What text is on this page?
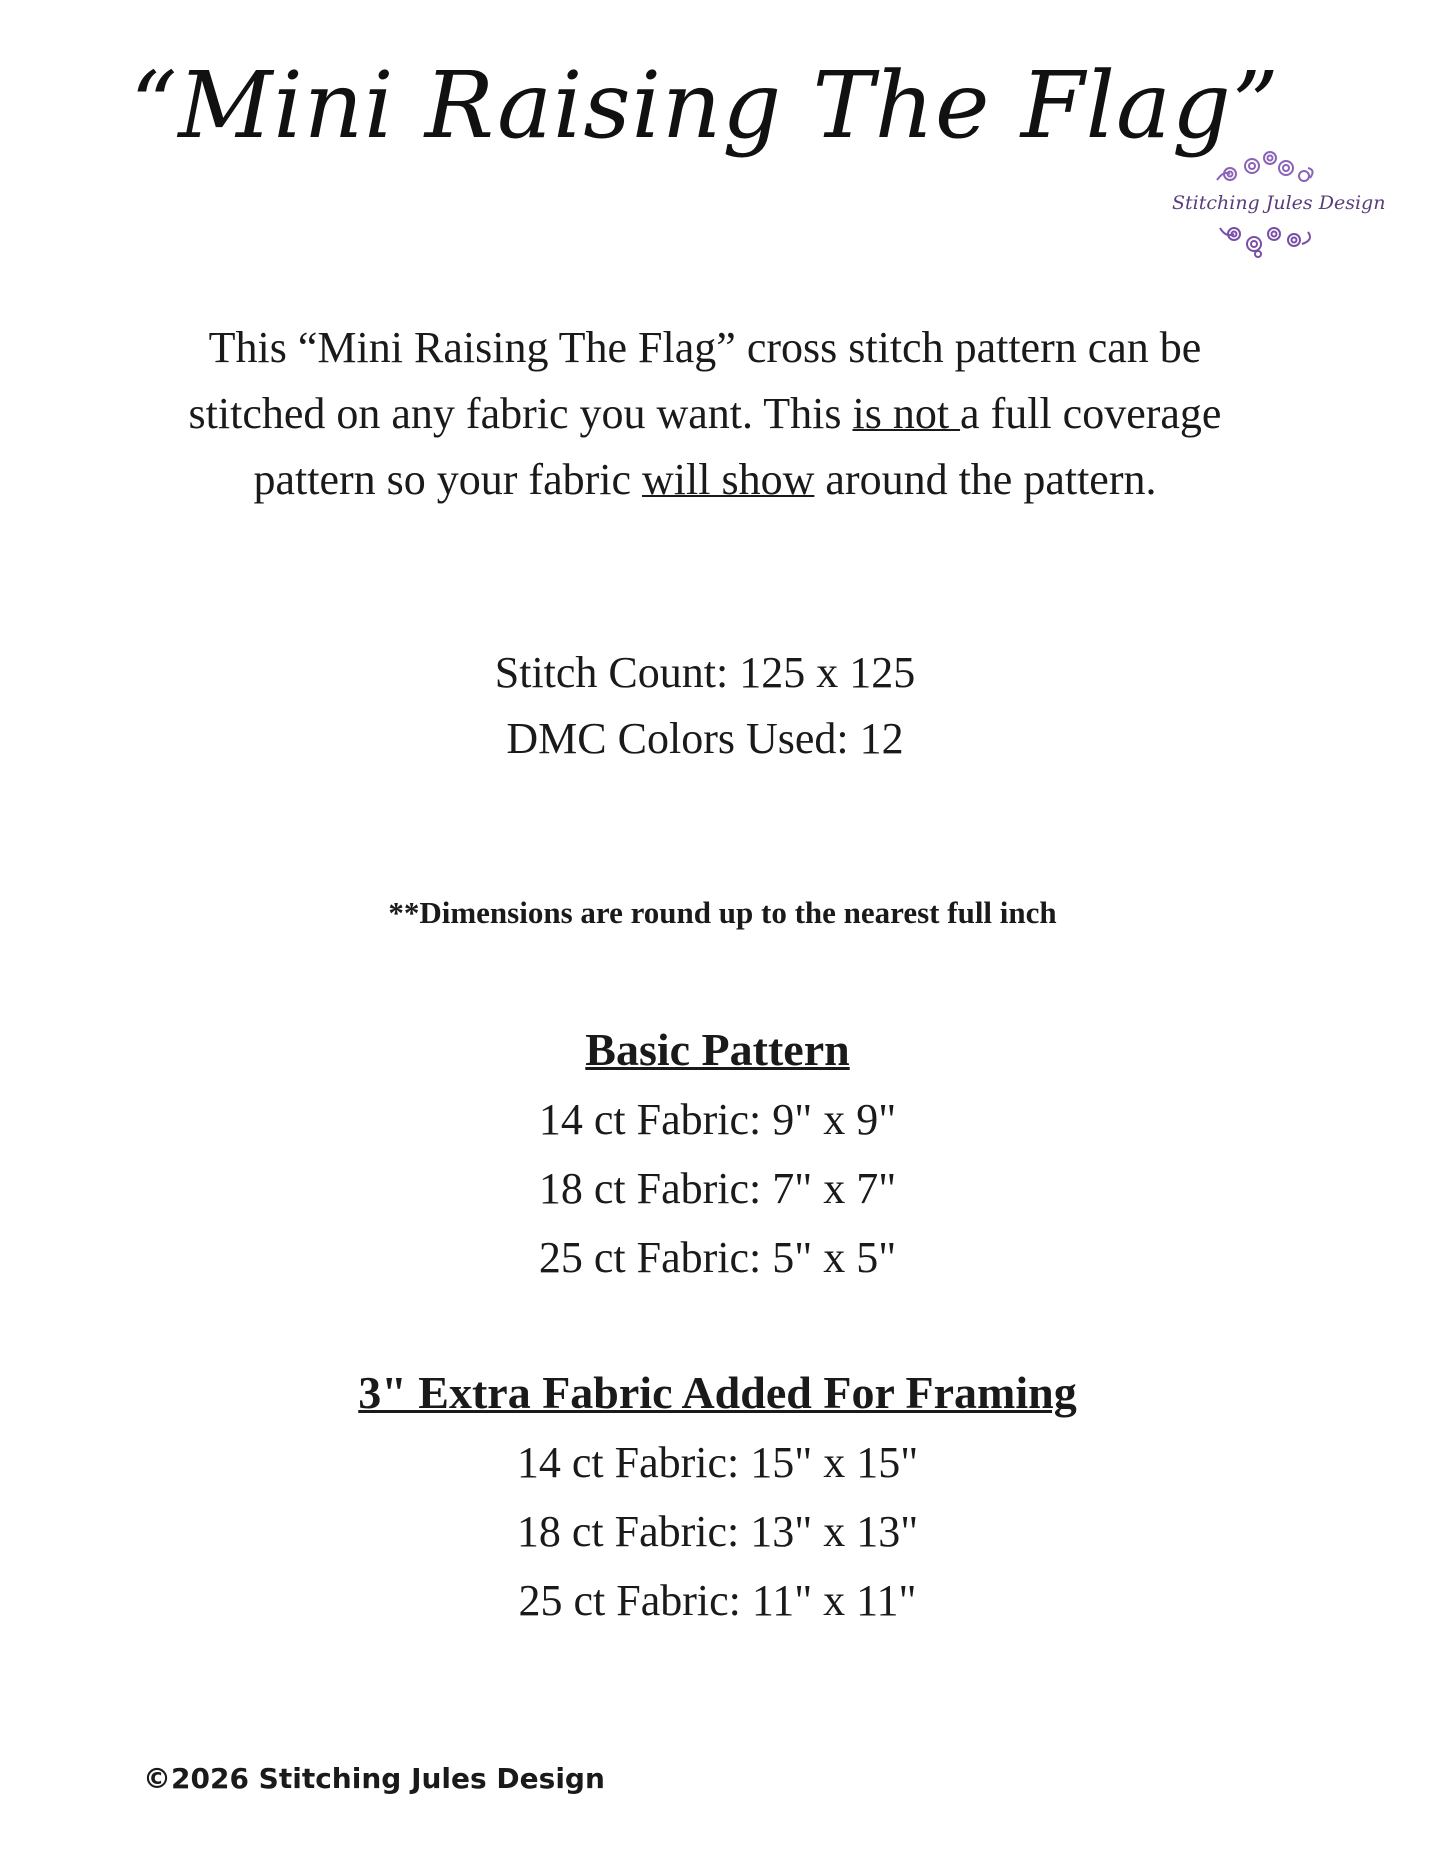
“Mini Raising The Flag”
Stitching Jules Design
This “Mini Raising The Flag” cross stitch pattern can be stitched on any fabric you want. This is not a full coverage pattern so your fabric will show around the pattern.
Stitch Count: 125 x 125
DMC Colors Used: 12
**Dimensions are round up to the nearest full inch
Basic Pattern
14 ct Fabric: 9" x 9"
18 ct Fabric: 7" x 7"
25 ct Fabric: 5" x 5"
3" Extra Fabric Added For Framing
14 ct Fabric: 15" x 15"
18 ct Fabric: 13" x 13"
25 ct Fabric: 11" x 11"
©2026 Stitching Jules Design
